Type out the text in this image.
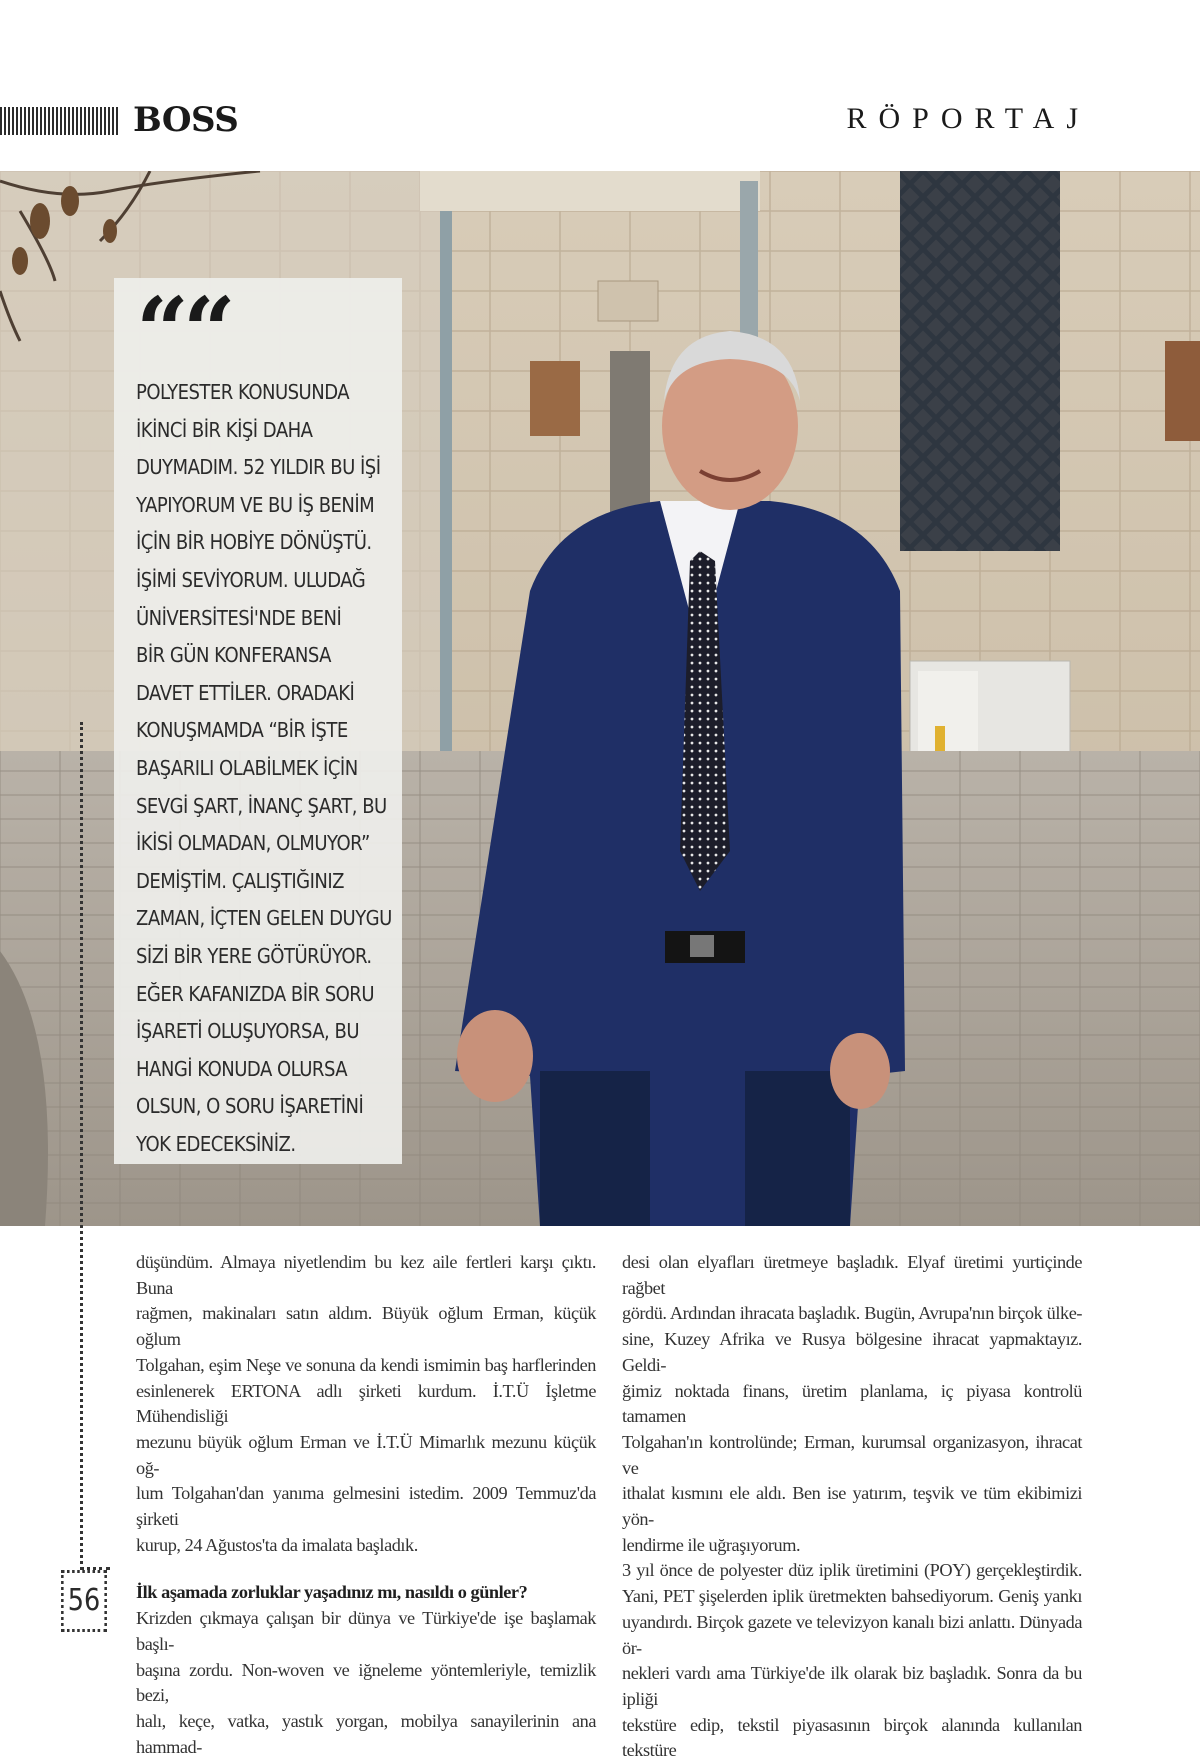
BOSS	RÖPORTAJ
““
POLYESTER KONUSUNDA
İKİNCİ BİR KİŞİ DAHA
DUYMADIM. 52 YILDIR BU İŞİ
YAPIYORUM VE BU İŞ BENİM
İÇİN BİR HOBİYE DÖNÜŞTÜ.
İŞİMİ SEVİYORUM. ULUDAĞ
ÜNİVERSİTESİ'NDE BENİ
BİR GÜN KONFERANSA
DAVET ETTİLER. ORADAKİ
KONUŞMAMDA “BİR İŞTE
BAŞARILI OLABİLMEK İÇİN
SEVGİ ŞART, İNANÇ ŞART, BU
İKİSİ OLMADAN, OLMUYOR”
DEMİŞTİM. ÇALIŞTIĞINIZ
ZAMAN, İÇTEN GELEN DUYGU
SİZİ BİR YERE GÖTÜRÜYOR.
EĞER KAFANIZDA BİR SORU
İŞARETİ OLUŞUYORSA, BU
HANGİ KONUDA OLURSA
OLSUN, O SORU İŞARETİNİ
YOK EDECEKSİNİZ.
56

düşündüm. Almaya niyetlendim bu kez aile fertleri karşı çıktı. Buna

rağmen, makinaları satın aldım. Büyük oğlum Erman, küçük oğlum

Tolgahan, eşim Neşe ve sonuna da kendi ismimin baş harflerinden

esinlenerek ERTONA adlı şirketi kurdum. İ.T.Ü İşletme Mühendisliği

mezunu büyük oğlum Erman ve İ.T.Ü Mimarlık mezunu küçük oğ-

lum Tolgahan'dan yanıma gelmesini istedim. 2009 Temmuz'da şirketi

kurup, 24 Ağustos'ta da imalata başladık.

İlk aşamada zorluklar yaşadınız mı, nasıldı o günler?

Krizden çıkmaya çalışan bir dünya ve Türkiye'de işe başlamak başlı-

başına zordu. Non-woven ve iğneleme yöntemleriyle, temizlik bezi,

halı, keçe, vatka, yastık yorgan, mobilya sanayilerinin ana hammad-

desi olan elyafları üretmeye başladık. Elyaf üretimi yurtiçinde rağbet

gördü. Ardından ihracata başladık. Bugün, Avrupa'nın birçok ülke-

sine, Kuzey Afrika ve Rusya bölgesine ihracat yapmaktayız. Geldi-

ğimiz noktada finans, üretim planlama, iç piyasa kontrolü tamamen

Tolgahan'ın kontrolünde; Erman, kurumsal organizasyon, ihracat ve

ithalat kısmını ele aldı. Ben ise yatırım, teşvik ve tüm ekibimizi yön-

lendirme ile uğraşıyorum.

3 yıl önce de polyester düz iplik üretimini (POY) gerçekleştirdik.

Yani, PET şişelerden iplik üretmekten bahsediyorum. Geniş yankı

uyandırdı. Birçok gazete ve televizyon kanalı bizi anlattı. Dünyada ör-

nekleri vardı ama Türkiye'de ilk olarak biz başladık. Sonra da bu ipliği

tekstüre edip, tekstil piyasasının birçok alanında kullanılan tekstüre
